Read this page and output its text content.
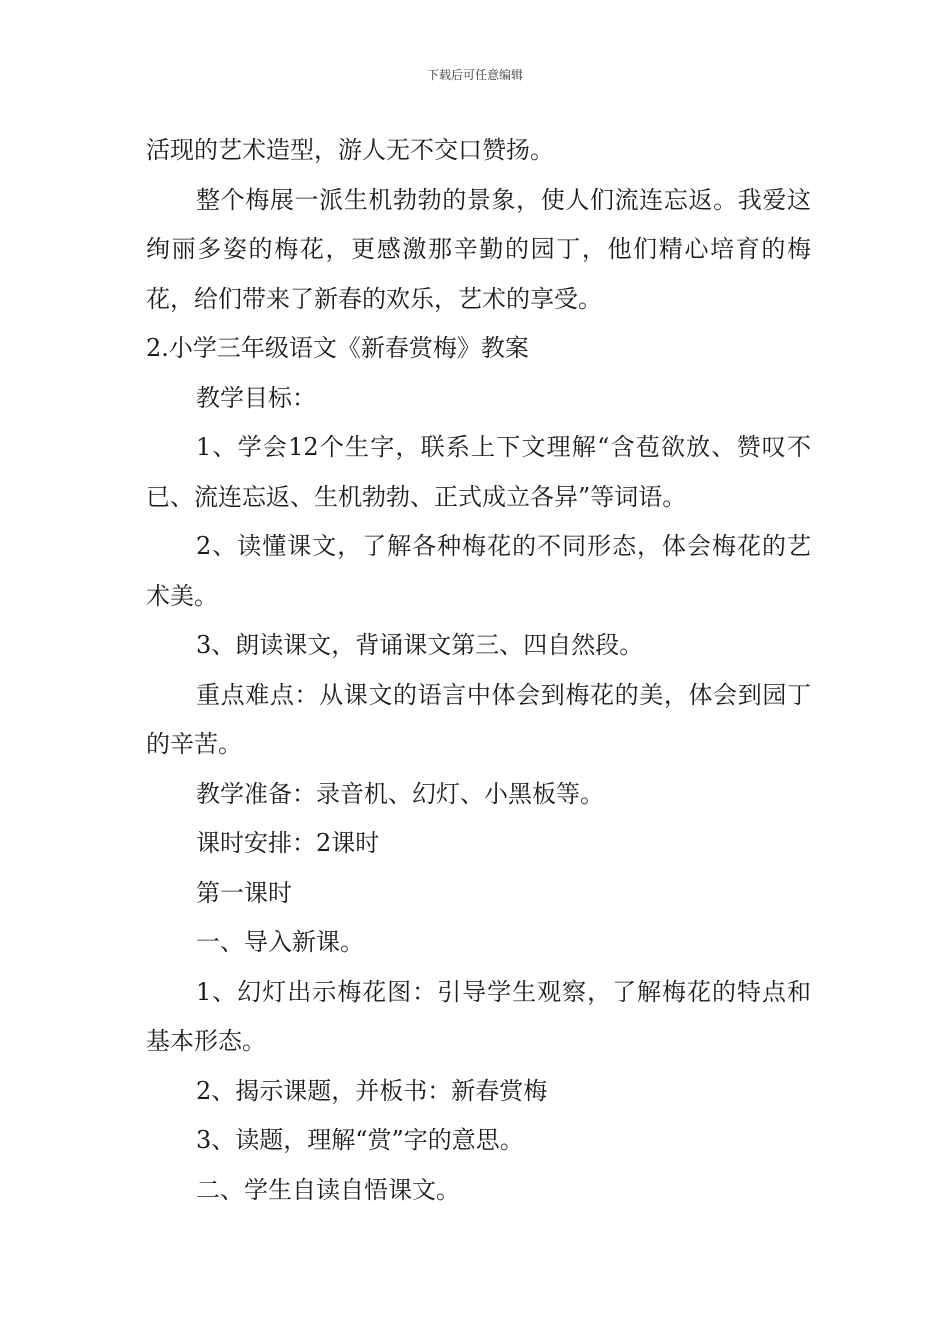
下载后可任意编辑

活现的艺术造型，游人无不交口赞扬。

整个梅展一派生机勃勃的景象，使人们流连忘返。我爱这绚丽多姿的梅花，更感激那辛勤的园丁，他们精心培育的梅花，给们带来了新春的欢乐，艺术的享受。

2.小学三年级语文《新春赏梅》教案

教学目标：

1、学会12个生字，联系上下文理解“含苞欲放、赞叹不已、流连忘返、生机勃勃、正式成立各异”等词语。

2、读懂课文，了解各种梅花的不同形态，体会梅花的艺术美。

3、朗读课文，背诵课文第三、四自然段。

重点难点：从课文的语言中体会到梅花的美，体会到园丁的辛苦。

教学准备：录音机、幻灯、小黑板等。

课时安排：2课时

第一课时

一、导入新课。

1、幻灯出示梅花图：引导学生观察，了解梅花的特点和基本形态。

2、揭示课题，并板书：新春赏梅

3、读题，理解“赏”字的意思。

二、学生自读自悟课文。
